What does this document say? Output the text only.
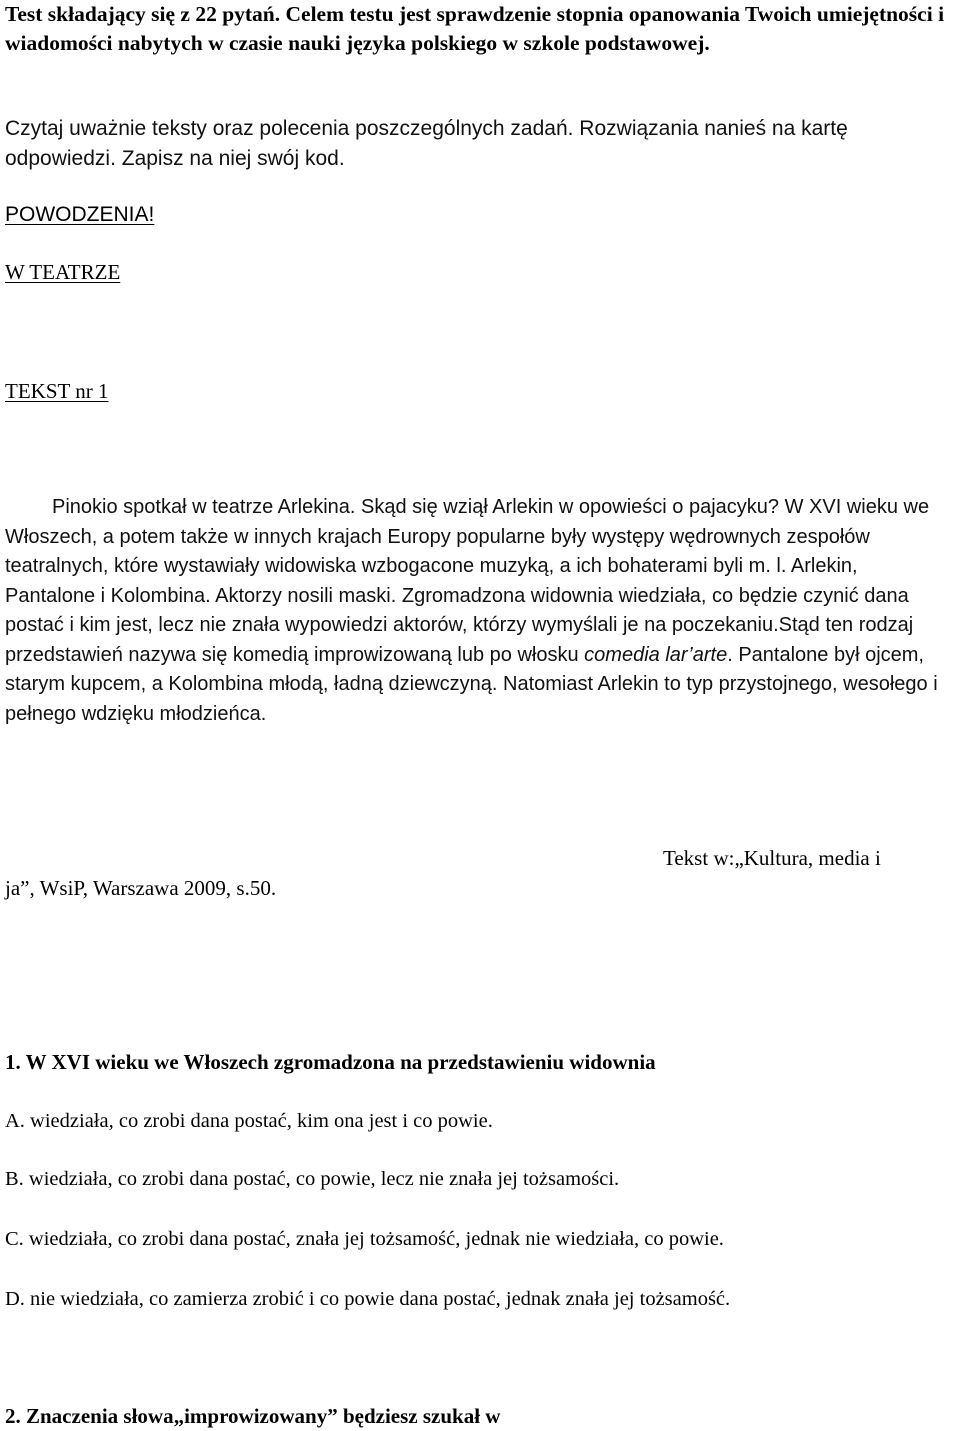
Test składający się z 22 pytań. Celem testu jest sprawdzenie stopnia opanowania Twoich umiejętności i wiadomości nabytych w czasie nauki języka polskiego w szkole podstawowej.

Czytaj uważnie teksty oraz polecenia poszczególnych zadań. Rozwiązania nanieś na kartę odpowiedzi. Zapisz na niej swój kod.

POWODZENIA!
W TEATRZE
TEKST nr 1

Pinokio spotkał w teatrze Arlekina. Skąd się wziął Arlekin w opowieści o pajacyku? W XVI wieku we Włoszech, a potem także w innych krajach Europy popularne były występy wędrownych zespołów teatralnych, które wystawiały widowiska wzbogacone muzyką, a ich bohaterami byli m. l. Arlekin, Pantalone i Kolombina. Aktorzy nosili maski. Zgromadzona widownia wiedziała, co będzie czynić dana postać i kim jest, lecz nie znała wypowiedzi aktorów, którzy wymyślali je na poczekaniu.Stąd ten rodzaj przedstawień nazywa się komedią improwizowaną lub po włosku comedia lar’arte. Pantalone był ojcem, starym kupcem, a Kolombina młodą, ładną dziewczyną. Natomiast Arlekin to typ przystojnego, wesołego i pełnego wdzięku młodzieńca.

Tekst w:„Kultura, media i
ja”, WsiP, Warszawa 2009, s.50.

1. W XVI wieku we Włoszech zgromadzona na przedstawieniu widownia

A. wiedziała, co zrobi dana postać, kim ona jest i co powie.

B. wiedziała, co zrobi dana postać, co powie, lecz nie znała jej tożsamości.

C. wiedziała, co zrobi dana postać, znała jej tożsamość, jednak nie wiedziała, co powie.

D. nie wiedziała, co zamierza zrobić i co powie dana postać, jednak znała jej tożsamość.

2. Znaczenia słowa„improwizowany” będziesz szukał w
